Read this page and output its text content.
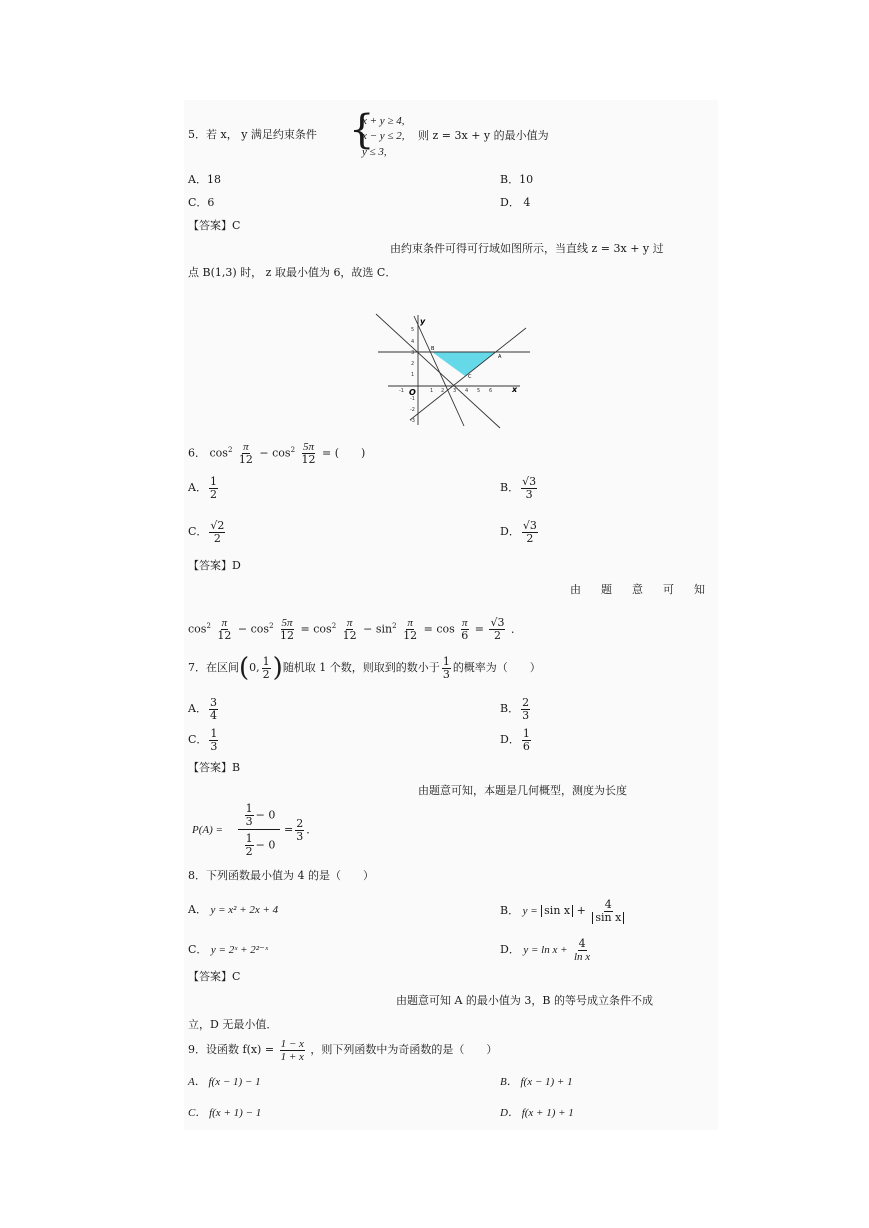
5．若 x， y 满足约束条件 {
x + y ≥ 4,
x − y ≤ 2,
y ≤ 3,
则 z = 3x + y 的最小值为
A．18	B．10
C．6	D． 4
【答案】C
由约束条件可得可行域如图所示，当直线 z = 3x + y 过
点 B(1,3) 时， z 取最小值为 6，故选 C．
-1	1 2 3 4 5 6
5
4
3
2
1
-1
-2
-3
y
x
O
A
B
C
6． $\cos^2 \frac{\pi}{12} - \cos^2 \frac{5\pi}{12}$ = (　　)
A． $\frac{1}{2}$	B． $\frac{√3}{3}$
C． $\frac{√2}{2}$	D． $\frac{√3}{2}$
【答案】D
由 题 意 可 知
$\cos^2 \frac{\pi}{12} - \cos^2 \frac{5\pi}{12} = \cos^2 \frac{\pi}{12} - \sin^2 \frac{\pi}{12} = \cos \frac{\pi}{6} = \frac{√3}{2}$ ．
7．在区间(0, $\frac{1}{2}$ )随机取 1 个数，则取到的数小于 $\frac{1}{3}$ 的概率为（　　）
A． $\frac{3}{4}$	B． $\frac{2}{3}$
C． $\frac{1}{3}$	D． $\frac{1}{6}$
【答案】B
由题意可知，本题是几何概型，测度为长度
P(A) =
$\frac{1}{3} - 0$
$\frac{1}{2} - 0$
= $\frac{2}{3}$ ．
8．下列函数最小值为 4 的是（　　）
A． y = x² + 2x + 4	B． $y = \sin x + \frac{4}{\text{sin x}}$
C． y = 2ˣ + 2²⁻ˣ	D． $y = \ln x + \frac{4}{\text{ln x}}$
【答案】C
由题意可知 A 的最小值为 3，B 的等号成立条件不成
立，D 无最小值．
9．设函数 $f(x) = \frac{1 - x}{1 + x}$ ，则下列函数中为奇函数的是（　　）
A． f(x − 1) − 1	B． f(x − 1) + 1
C． f(x + 1) − 1	D． f(x + 1) + 1
